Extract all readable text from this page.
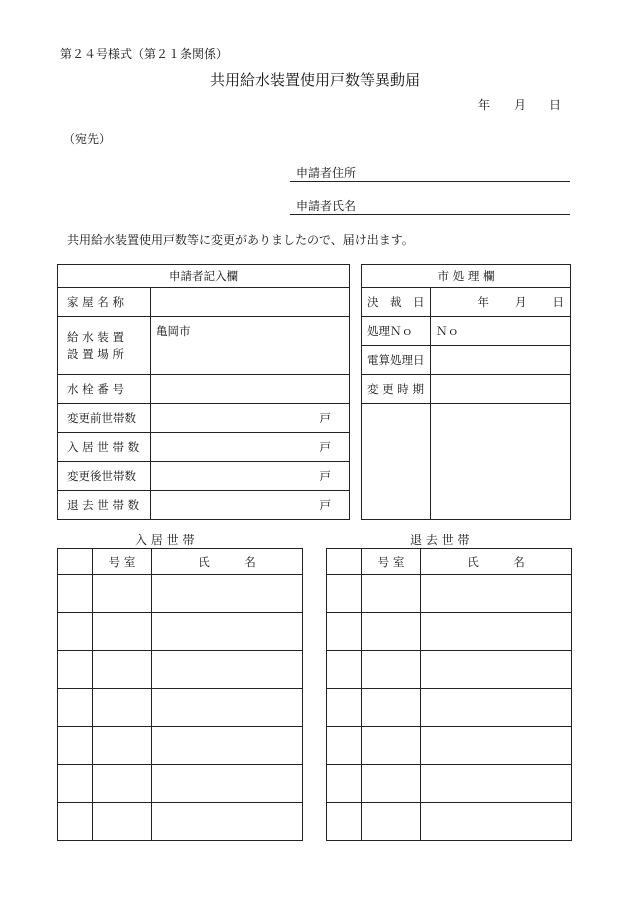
第２４号様式（第２１条関係）
共用給水装置使用戸数等異動届
年 月 日
（宛先）
申請者住所
申請者氏名
共用給水装置使用戸数等に変更がありましたので、届け出ます。
申請者記入欄	
家 屋 名 称	

給 水 装 置
設 置 場 所	亀岡市
水 栓 番 号	
変更前世帯数	戸
入 居 世 帯 数	戸
変更後世帯数	戸
退 去 世 帯 数	戸
市 処 理 欄	
決　裁　日	年 月 日
処理Ｎｏ	Ｎｏ
電算処理日	
変 更 時 期	

入 居 世 帯
	号 室	氏　　　名

退 去 世 帯
	号 室	氏　　　名
